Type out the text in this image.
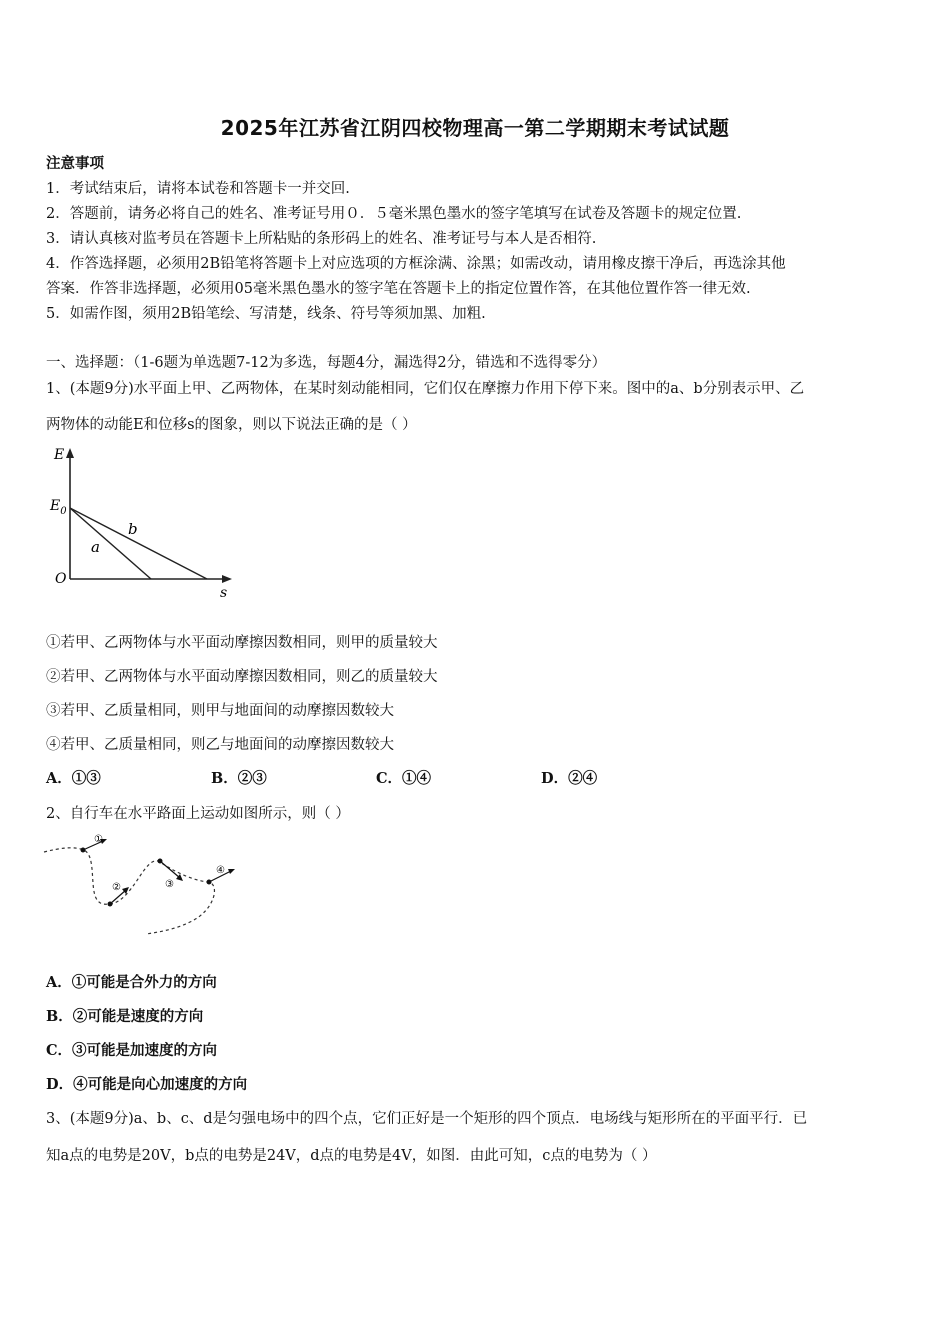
2025年江苏省江阴四校物理高一第二学期期末考试试题
注意事项
1．考试结束后，请将本试卷和答题卡一并交回.
2．答题前，请务必将自己的姓名、准考证号用０．５毫米黑色墨水的签字笔填写在试卷及答题卡的规定位置.
3．请认真核对监考员在答题卡上所粘贴的条形码上的姓名、准考证号与本人是否相符.
4．作答选择题，必须用2B铅笔将答题卡上对应选项的方框涂满、涂黑；如需改动，请用橡皮擦干净后，再选涂其他
答案．作答非选择题，必须用05毫米黑色墨水的签字笔在答题卡上的指定位置作答，在其他位置作答一律无效.
5．如需作图，须用2B铅笔绘、写清楚，线条、符号等须加黑、加粗.
一、选择题：（1-6题为单选题7-12为多选，每题4分，漏选得2分，错选和不选得零分）
1、(本题9分)水平面上甲、乙两物体，在某时刻动能相同，它们仅在摩擦力作用下停下来。图中的a、b分别表示甲、乙
两物体的动能E和位移s的图象，则以下说法正确的是（ ）
E
s
O
$E_0$
a
b
①若甲、乙两物体与水平面动摩擦因数相同，则甲的质量较大
②若甲、乙两物体与水平面动摩擦因数相同，则乙的质量较大
③若甲、乙质量相同，则甲与地面间的动摩擦因数较大
④若甲、乙质量相同，则乙与地面间的动摩擦因数较大
A．①③	B．②③	C．①④	D．②④
2、自行车在水平路面上运动如图所示，则（ ）
①
②	③
④
A．①可能是合外力的方向
B．②可能是速度的方向
C．③可能是加速度的方向
D．④可能是向心加速度的方向
3、(本题9分)a、b、c、d是匀强电场中的四个点，它们正好是一个矩形的四个顶点．电场线与矩形所在的平面平行．已
知a点的电势是20V，b点的电势是24V，d点的电势是4V，如图．由此可知，c点的电势为（ ）
